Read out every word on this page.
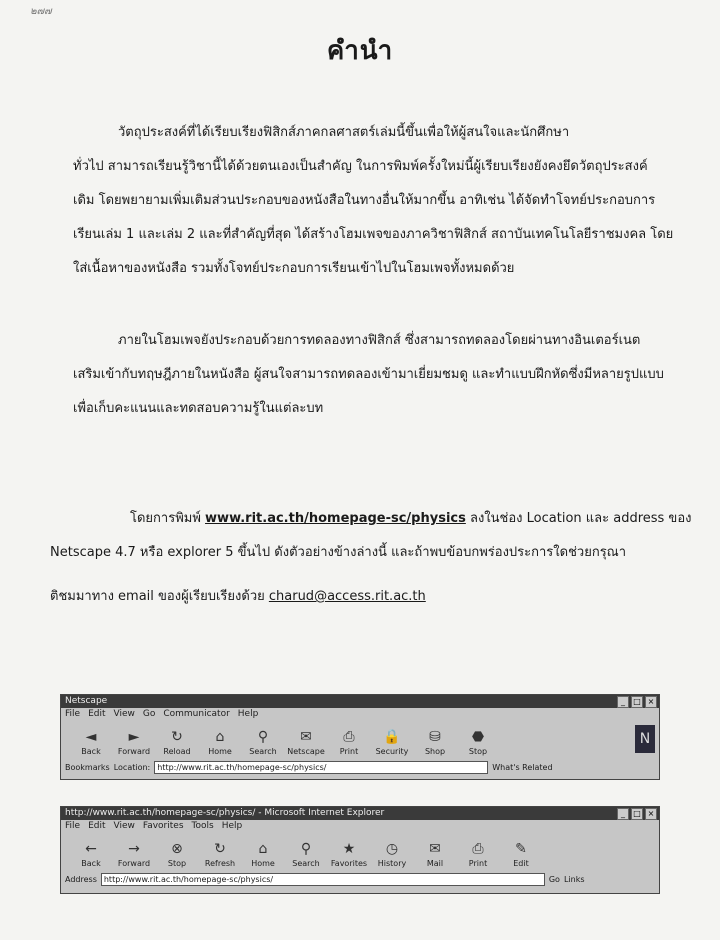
๒๗๗
คำนำ
วัตถุประสงค์ที่ได้เรียบเรียงฟิสิกส์ภาคกลศาสตร์เล่มนี้ขึ้นเพื่อให้ผู้สนใจและนักศึกษา
ทั่วไป สามารถเรียนรู้วิชานี้ได้ด้วยตนเองเป็นสำคัญ ในการพิมพ์ครั้งใหม่นี้ผู้เรียบเรียงยังคงยึดวัตถุประสงค์
เดิม โดยพยายามเพิ่มเติมส่วนประกอบของหนังสือในทางอื่นให้มากขึ้น อาทิเช่น ได้จัดทำโจทย์ประกอบการ
เรียนเล่ม 1 และเล่ม 2 และที่สำคัญที่สุด ได้สร้างโฮมเพจของภาควิชาฟิสิกส์ สถาบันเทคโนโลยีราชมงคล โดย
ใส่เนื้อหาของหนังสือ รวมทั้งโจทย์ประกอบการเรียนเข้าไปในโฮมเพจทั้งหมดด้วย
ภายในโฮมเพจยังประกอบด้วยการทดลองทางฟิสิกส์ ซึ่งสามารถทดลองโดยผ่านทางอินเตอร์เนต
เสริมเข้ากับทฤษฎีภายในหนังสือ ผู้สนใจสามารถทดลองเข้ามาเยี่ยมชมดู และทำแบบฝึกหัดซึ่งมีหลายรูปแบบ
เพื่อเก็บคะแนนและทดสอบความรู้ในแต่ละบท
โดยการพิมพ์ www.rit.ac.th/homepage-sc/physics ลงในช่อง Location และ address ของ
Netscape 4.7 หรือ explorer 5 ขึ้นไป ดังตัวอย่างข้างล่างนี้ และถ้าพบข้อบกพร่องประการใดช่วยกรุณา
ติชมมาทาง email ของผู้เรียบเรียงด้วย charud@access.rit.ac.th
Netscape	_	□ ×
File Edit View Go Communicator Help
◄
Back
►
Forward
↻
Reload
⌂
Home
⚲
Search
✉
Netscape
⎙
Print
🔒
Security
⛁
Shop
⬣
Stop
N
Bookmarks Location: http://www.rit.ac.th/homepage-sc/physics/	What's Related
http://www.rit.ac.th/homepage-sc/physics/ - Microsoft Internet Explorer	_	□ ×
File Edit View Favorites Tools Help
←
Back
→
Forward
⊗
Stop
↻
Refresh
⌂
Home
⚲
Search
★
Favorites
◷
History
✉
Mail
⎙
Print
✎
Edit
Address http://www.rit.ac.th/homepage-sc/physics/	Go Links
